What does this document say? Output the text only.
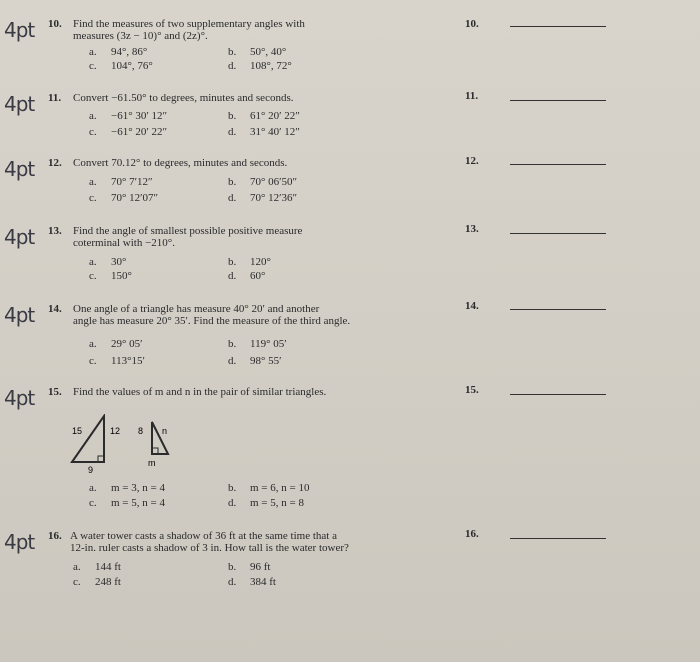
4pt 10. Find the measures of two supplementary angles with
measures (3z − 10)° and (2z)°.
a. 94°, 86°	b. 50°, 40°
c. 104°, 76°	d. 108°, 72°
10.
4pt 11. Convert −61.50° to degrees, minutes and seconds.
a. −61° 30′ 12″	b. 61° 20′ 22″
c. −61° 20′ 22″	d. 31° 40′ 12″
11.
4pt 12. Convert 70.12° to degrees, minutes and seconds.
a. 70° 7′12″	b. 70° 06′50″
c. 70° 12′07″	d. 70° 12′36″
12.
4pt 13. Find the angle of smallest possible positive measure
coterminal with −210°.
a. 30°	b. 120°
c. 150°	d. 60°
13.
4pt 14. One angle of a triangle has measure 40° 20′ and another
angle has measure 20° 35′. Find the measure of the third angle.
a. 29° 05′	b. 119° 05′
c. 113°15′	d. 98° 55′
14.
4pt 15. Find the values of m and n in the pair of similar triangles.
a. m = 3, n = 4	b. m = 6, n = 10
c. m = 5, n = 4	d. m = 5, n = 8
15.
15	12
9
8 n
m
4pt 16. A water tower casts a shadow of 36 ft at the same time that a
12-in. ruler casts a shadow of 3 in. How tall is the water tower?
a. 144 ft	b. 96 ft
c. 248 ft	d. 384 ft
16.
